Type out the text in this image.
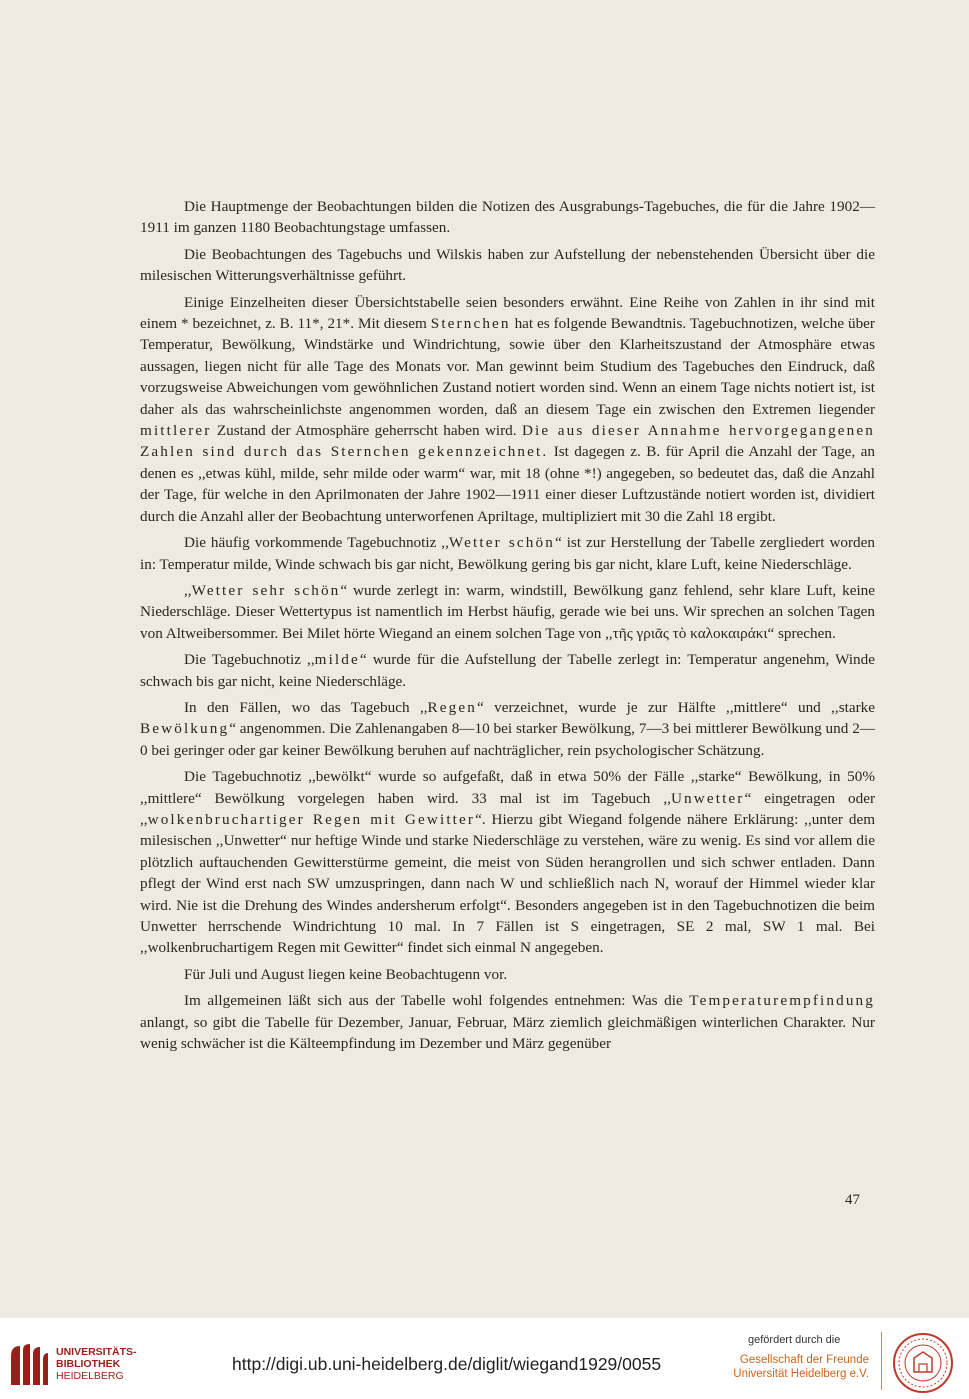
Die Hauptmenge der Beobachtungen bilden die Notizen des Ausgrabungs-Tagebuches, die für die Jahre 1902—1911 im ganzen 1180 Beobachtungstage umfassen.

Die Beobachtungen des Tagebuchs und Wilskis haben zur Aufstellung der nebenstehenden Übersicht über die milesischen Witterungsverhältnisse geführt.

Einige Einzelheiten dieser Übersichtstabelle seien besonders erwähnt. Eine Reihe von Zahlen in ihr sind mit einem * bezeichnet, z. B. 11*, 21*. Mit diesem Sternchen hat es folgende Bewandtnis. Tagebuchnotizen, welche über Temperatur, Bewölkung, Windstärke und Windrichtung, sowie über den Klarheitszustand der Atmosphäre etwas aussagen, liegen nicht für alle Tage des Monats vor. Man gewinnt beim Studium des Tagebuches den Eindruck, daß vorzugsweise Abweichungen vom gewöhnlichen Zustand notiert worden sind. Wenn an einem Tage nichts notiert ist, ist daher als das wahrscheinlichste angenommen worden, daß an diesem Tage ein zwischen den Extremen liegender mittlerer Zustand der Atmosphäre geherrscht haben wird. Die aus dieser Annahme hervorgegangenen Zahlen sind durch das Sternchen gekennzeichnet. Ist dagegen z. B. für April die Anzahl der Tage, an denen es ,,etwas kühl, milde, sehr milde oder warm“ war, mit 18 (ohne *!) angegeben, so bedeutet das, daß die Anzahl der Tage, für welche in den Aprilmonaten der Jahre 1902—1911 einer dieser Luftzustände notiert worden ist, dividiert durch die Anzahl aller der Beobachtung unterworfenen Apriltage, multipliziert mit 30 die Zahl 18 ergibt.

Die häufig vorkommende Tagebuchnotiz ,,Wetter schön“ ist zur Herstellung der Tabelle zergliedert worden in: Temperatur milde, Winde schwach bis gar nicht, Bewölkung gering bis gar nicht, klare Luft, keine Niederschläge.

,,Wetter sehr schön“ wurde zerlegt in: warm, windstill, Bewölkung ganz fehlend, sehr klare Luft, keine Niederschläge. Dieser Wettertypus ist namentlich im Herbst häufig, gerade wie bei uns. Wir sprechen an solchen Tagen von Altweibersommer. Bei Milet hörte Wiegand an einem solchen Tage von ,,τῆς γριᾶς τὸ καλοκαιράκι“ sprechen.

Die Tagebuchnotiz ,,milde“ wurde für die Aufstellung der Tabelle zerlegt in: Temperatur angenehm, Winde schwach bis gar nicht, keine Niederschläge.

In den Fällen, wo das Tagebuch ,,Regen“ verzeichnet, wurde je zur Hälfte ,,mittlere“ und ,,starke Bewölkung“ angenommen. Die Zahlenangaben 8—10 bei starker Bewölkung, 7—3 bei mittlerer Bewölkung und 2—0 bei geringer oder gar keiner Bewölkung beruhen auf nachträglicher, rein psychologischer Schätzung.

Die Tagebuchnotiz ,,bewölkt“ wurde so aufgefaßt, daß in etwa 50% der Fälle ,,starke“ Bewölkung, in 50% ,,mittlere“ Bewölkung vorgelegen haben wird. 33 mal ist im Tagebuch ,,Unwetter“ eingetragen oder ,,wolkenbruchartiger Regen mit Gewitter“. Hierzu gibt Wiegand folgende nähere Erklärung: ,,unter dem milesischen ,,Unwetter“ nur heftige Winde und starke Niederschläge zu verstehen, wäre zu wenig. Es sind vor allem die plötzlich auftauchenden Gewitterstürme gemeint, die meist von Süden herangrollen und sich schwer entladen. Dann pflegt der Wind erst nach SW umzuspringen, dann nach W und schließlich nach N, worauf der Himmel wieder klar wird. Nie ist die Drehung des Windes andersherum erfolgt“. Besonders angegeben ist in den Tagebuchnotizen die beim Unwetter herrschende Windrichtung 10 mal. In 7 Fällen ist S eingetragen, SE 2 mal, SW 1 mal. Bei ,,wolkenbruchartigem Regen mit Gewitter“ findet sich einmal N angegeben.

Für Juli und August liegen keine Beobachtugenn vor.

Im allgemeinen läßt sich aus der Tabelle wohl folgendes entnehmen: Was die Temperaturempfindung anlangt, so gibt die Tabelle für Dezember, Januar, Februar, März ziemlich gleichmäßigen winterlichen Charakter. Nur wenig schwächer ist die Kälteempfindung im Dezember und März gegenüber

47
UNIVERSITÄTS-
BIBLIOTHEK
HEIDELBERG
http://digi.ub.uni-heidelberg.de/diglit/wiegand1929/0055
gefördert durch die
Gesellschaft der Freunde
Universität Heidelberg e.V.
